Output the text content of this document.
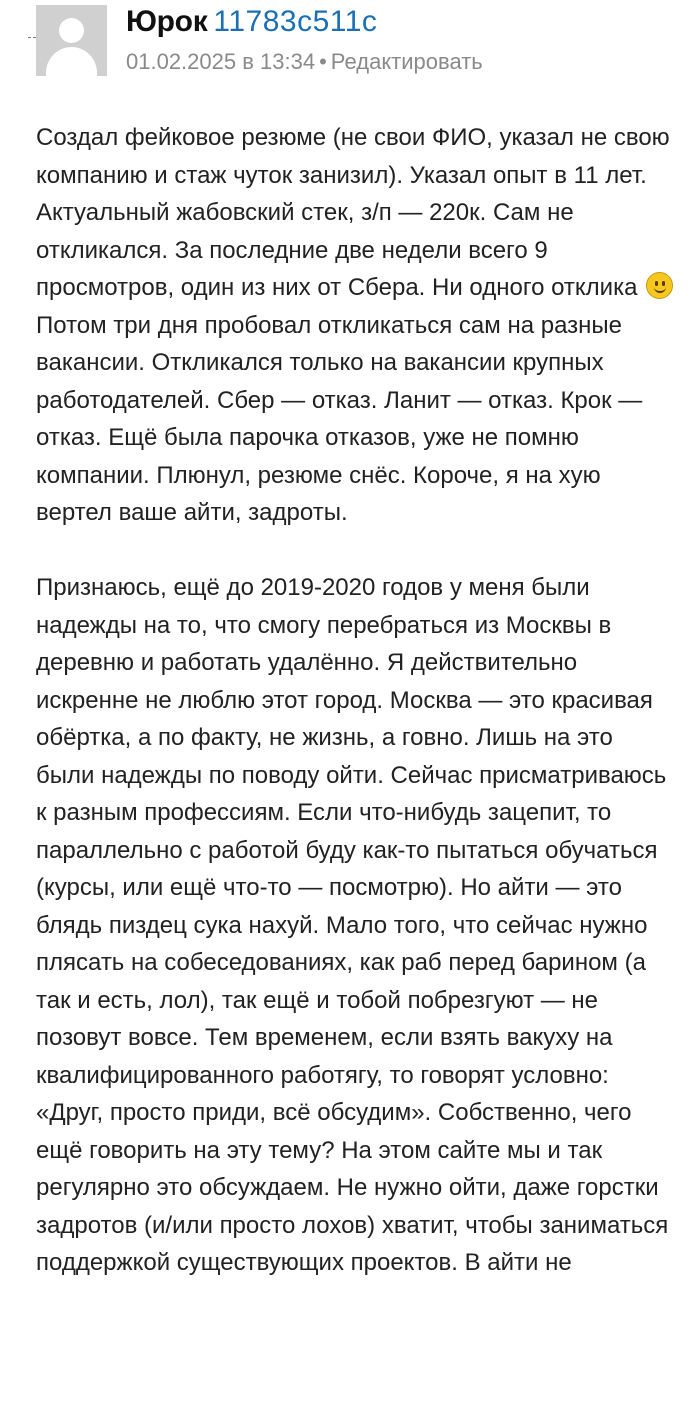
Юрок 11783c511c
01.02.2025 в 13:34 • Редактировать

Создал фейковое резюме (не свои ФИО, указал не свою компанию и стаж чуток занизил). Указал опыт в 11 лет. Актуальный жабовский стек, з/п — 220к. Сам не откликался. За последние две недели всего 9 просмотров, один из них от Сбера. Ни одного отклика
Потом три дня пробовал откликаться сам на разные вакансии. Откликался только на вакансии крупных работодателей. Сбер — отказ. Ланит — отказ. Крок — отказ. Ещё была парочка отказов, уже не помню компании. Плюнул, резюме снёс. Короче, я на хую вертел ваше айти, задроты.

Признаюсь, ещё до 2019-2020 годов у меня были надежды на то, что смогу перебраться из Москвы в деревню и работать удалённо. Я действительно искренне не люблю этот город. Москва — это красивая обёртка, а по факту, не жизнь, а говно. Лишь на это были надежды по поводу ойти. Сейчас присматриваюсь к разным профессиям. Если что-нибудь зацепит, то параллельно с работой буду как-то пытаться обучаться (курсы, или ещё что-то — посмотрю). Но айти — это блядь пиздец сука нахуй. Мало того, что сейчас нужно плясать на собеседованиях, как раб перед барином (а так и есть, лол), так ещё и тобой побрезгуют — не позовут вовсе. Тем временем, если взять вакуху на квалифицированного работягу, то говорят условно: «Друг, просто приди, всё обсудим». Собственно, чего ещё говорить на эту тему? На этом сайте мы и так регулярно это обсуждаем. Не нужно ойти, даже горстки задротов (и/или просто лохов) хватит, чтобы заниматься поддержкой существующих проектов. В айти не
